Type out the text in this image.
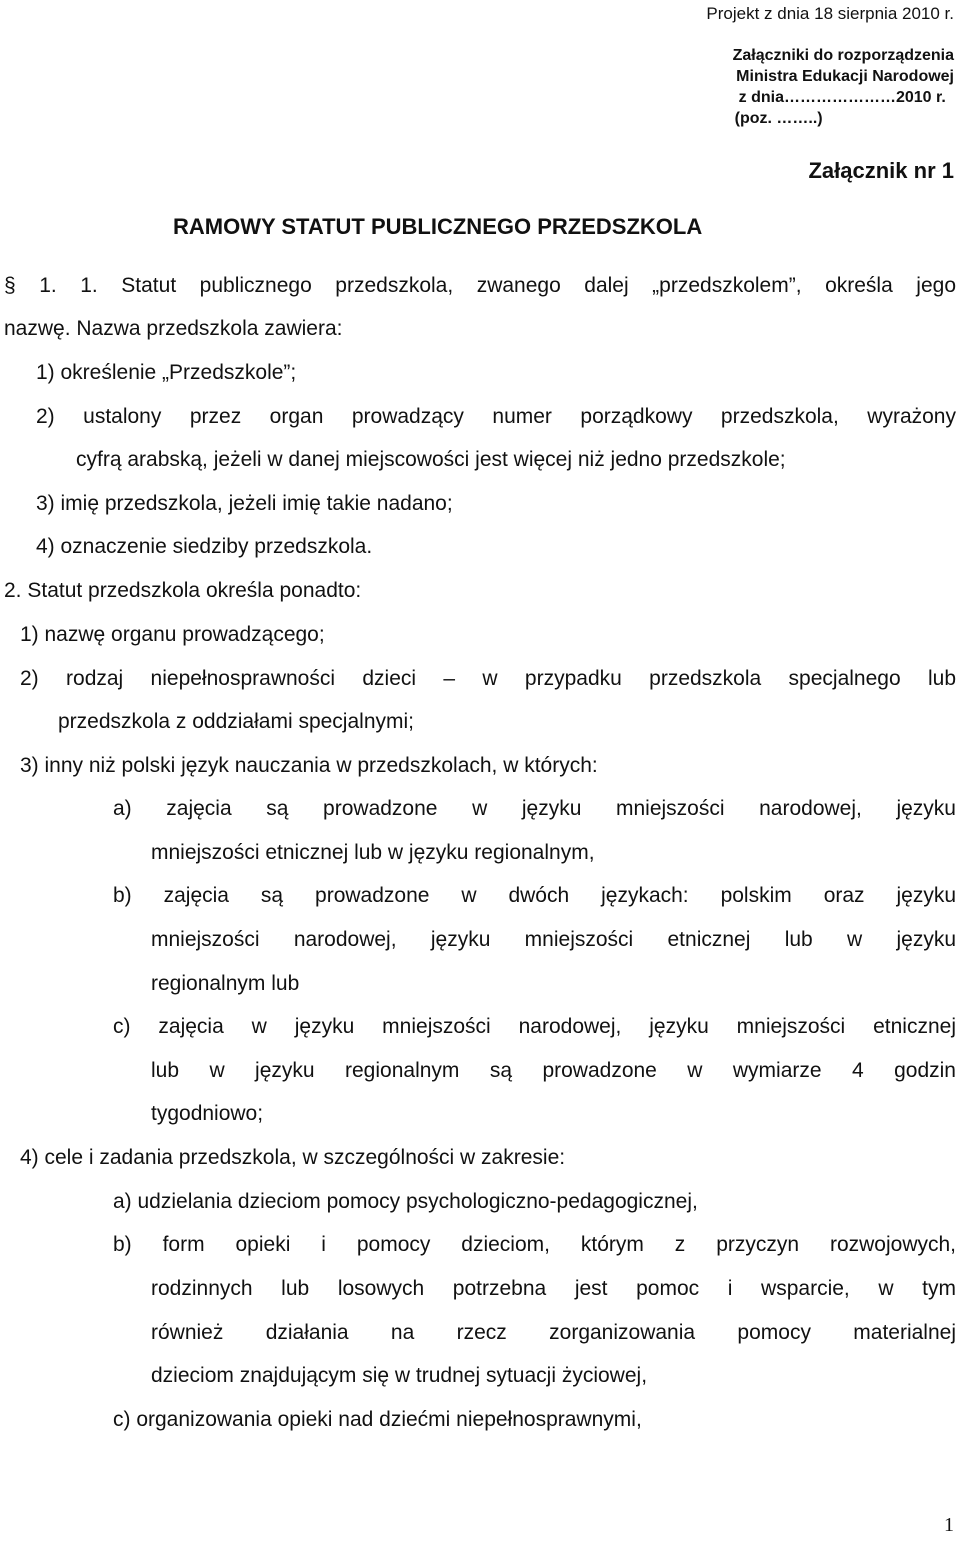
Projekt z dnia 18 sierpnia 2010 r.
Załączniki do rozporządzenia
Ministra Edukacji Narodowej
z dnia…………………2010 r.
(poz. ……..)
Załącznik nr 1
RAMOWY STATUT PUBLICZNEGO PRZEDSZKOLA
§ 1. 1. Statut publicznego przedszkola, zwanego dalej „przedszkolem”, określa jego
nazwę. Nazwa przedszkola zawiera:
1) określenie „Przedszkole”;
2) ustalony przez organ prowadzący numer porządkowy przedszkola, wyrażony
cyfrą arabską, jeżeli w danej miejscowości jest więcej niż jedno przedszkole;
3) imię przedszkola, jeżeli imię takie nadano;
4) oznaczenie siedziby przedszkola.
2. Statut przedszkola określa ponadto:
1) nazwę organu prowadzącego;
2) rodzaj niepełnosprawności dzieci – w przypadku przedszkola specjalnego lub
przedszkola z oddziałami specjalnymi;
3) inny niż polski język nauczania w przedszkolach, w których:
a) zajęcia są prowadzone w języku mniejszości narodowej, języku
mniejszości etnicznej lub w języku regionalnym,
b) zajęcia są prowadzone w dwóch językach: polskim oraz języku
mniejszości narodowej, języku mniejszości etnicznej lub w języku
regionalnym lub
c) zajęcia w języku mniejszości narodowej, języku mniejszości etnicznej
lub w języku regionalnym są prowadzone w wymiarze 4 godzin
tygodniowo;
4) cele i zadania przedszkola, w szczególności w zakresie:
a) udzielania dzieciom pomocy psychologiczno-pedagogicznej,
b) form opieki i pomocy dzieciom, którym z przyczyn rozwojowych,
rodzinnych lub losowych potrzebna jest pomoc i wsparcie, w tym
również działania na rzecz zorganizowania pomocy materialnej
dzieciom znajdującym się w trudnej sytuacji życiowej,
c) organizowania opieki nad dziećmi niepełnosprawnymi,
1
